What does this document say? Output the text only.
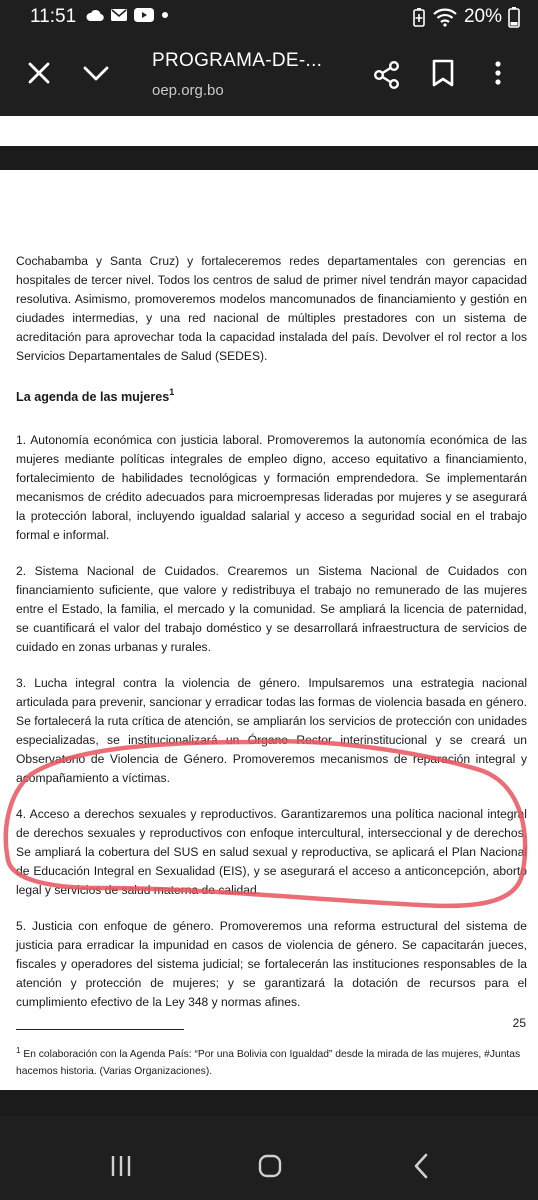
11:51	20%
PROGRAMA-DE-...
oep.org.bo

Cochabamba y Santa Cruz) y fortaleceremos redes departamentales con gerencias en hospitales de tercer nivel. Todos los centros de salud de primer nivel tendrán mayor capacidad resolutiva. Asimismo, promoveremos modelos mancomunados de financiamiento y gestión en ciudades intermedias, y una red nacional de múltiples prestadores con un sistema de acreditación para aprovechar toda la capacidad instalada del país. Devolver el rol rector a los Servicios Departamentales de Salud (SEDES).

La agenda de las mujeres$^1$

1. Autonomía económica con justicia laboral. Promoveremos la autonomía económica de las mujeres mediante políticas integrales de empleo digno, acceso equitativo a financiamiento, fortalecimiento de habilidades tecnológicas y formación emprendedora. Se implementarán mecanismos de crédito adecuados para microempresas lideradas por mujeres y se asegurará la protección laboral, incluyendo igualdad salarial y acceso a seguridad social en el trabajo formal e informal.

2. Sistema Nacional de Cuidados. Crearemos un Sistema Nacional de Cuidados con financiamiento suficiente, que valore y redistribuya el trabajo no remunerado de las mujeres entre el Estado, la familia, el mercado y la comunidad. Se ampliará la licencia de paternidad, se cuantificará el valor del trabajo doméstico y se desarrollará infraestructura de servicios de cuidado en zonas urbanas y rurales.

3. Lucha integral contra la violencia de género. Impulsaremos una estrategia nacional articulada para prevenir, sancionar y erradicar todas las formas de violencia basada en género. Se fortalecerá la ruta crítica de atención, se ampliarán los servicios de protección con unidades especializadas, se institucionalizará un Órgano Rector interinstitucional y se creará un Observatorio de Violencia de Género. Promoveremos mecanismos de reparación integral y acompañamiento a víctimas.

4. Acceso a derechos sexuales y reproductivos. Garantizaremos una política nacional integral de derechos sexuales y reproductivos con enfoque intercultural, interseccional y de derechos. Se ampliará la cobertura del SUS en salud sexual y reproductiva, se aplicará el Plan Nacional de Educación Integral en Sexualidad (EIS), y se asegurará el acceso a anticoncepción, aborto legal y servicios de salud materna de calidad.

5. Justicia con enfoque de género. Promoveremos una reforma estructural del sistema de justicia para erradicar la impunidad en casos de violencia de género. Se capacitarán jueces, fiscales y operadores del sistema judicial; se fortalecerán las instituciones responsables de la atención y protección de mujeres; y se garantizará la dotación de recursos para el cumplimiento efectivo de la Ley 348 y normas afines.

$^1$ En colaboración con la Agenda País: “Por una Bolivia con Igualdad” desde la mirada de las mujeres, #Juntas hacemos historia. (Varias Organizaciones).

25
